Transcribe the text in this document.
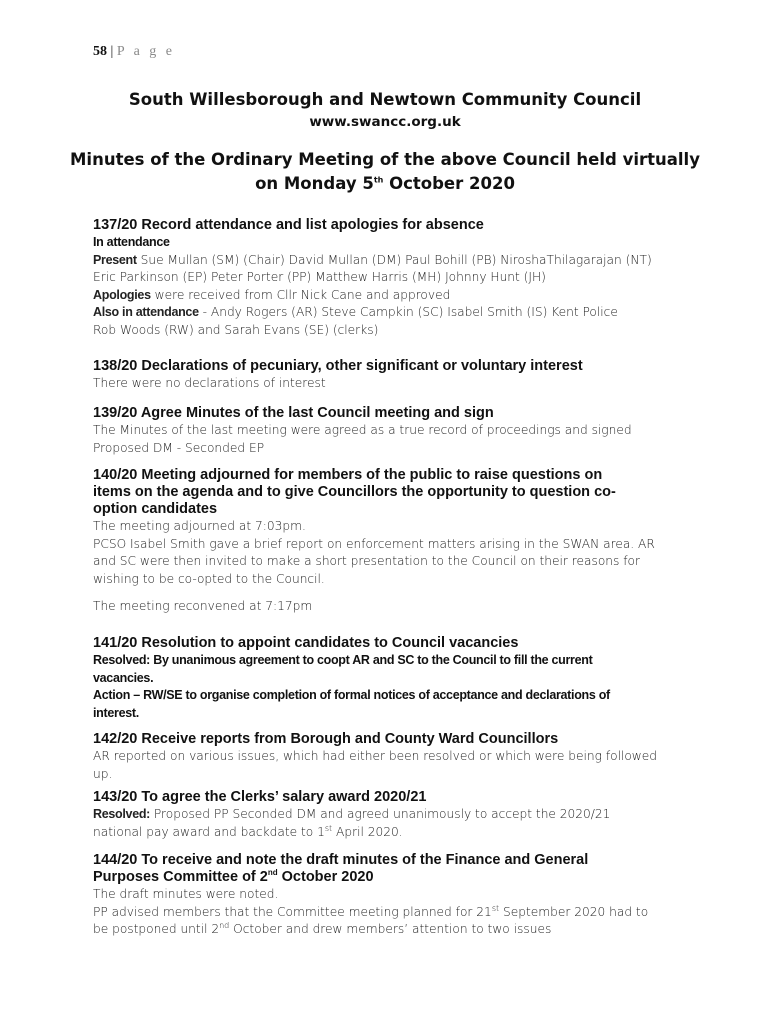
58 | P a g e
South Willesborough and Newtown Community Council
www.swancc.org.uk
Minutes of the Ordinary Meeting of the above Council held virtually
on Monday 5th October 2020

137/20 Record attendance and list apologies for absence

In attendance

Present Sue Mullan (SM) (Chair) David Mullan (DM) Paul Bohill (PB) NiroshaThilagarajan (NT)

Eric Parkinson (EP) Peter Porter (PP) Matthew Harris (MH) Johnny Hunt (JH)

Apologies were received from Cllr Nick Cane and approved

Also in attendance - Andy Rogers (AR) Steve Campkin (SC) Isabel Smith (IS) Kent Police

Rob Woods (RW) and Sarah Evans (SE) (clerks)

138/20 Declarations of pecuniary, other significant or voluntary interest

There were no declarations of interest

139/20 Agree Minutes of the last Council meeting and sign

The Minutes of the last meeting were agreed as a true record of proceedings and signed

Proposed DM - Seconded EP

140/20 Meeting adjourned for members of the public to raise questions on

items on the agenda and to give Councillors the opportunity to question co-

option candidates

The meeting adjourned at 7:03pm.

PCSO Isabel Smith gave a brief report on enforcement matters arising in the SWAN area. AR

and SC were then invited to make a short presentation to the Council on their reasons for

wishing to be co-opted to the Council.

The meeting reconvened at 7:17pm

141/20 Resolution to appoint candidates to Council vacancies

Resolved: By unanimous agreement to coopt AR and SC to the Council to fill the current

vacancies.

Action – RW/SE to organise completion of formal notices of acceptance and declarations of

interest.

142/20 Receive reports from Borough and County Ward Councillors

AR reported on various issues, which had either been resolved or which were being followed

up.

143/20 To agree the Clerks’ salary award 2020/21

Resolved: Proposed PP Seconded DM and agreed unanimously to accept the 2020/21

national pay award and backdate to 1st April 2020.

144/20 To receive and note the draft minutes of the Finance and General

Purposes Committee of 2nd October 2020

The draft minutes were noted.

PP advised members that the Committee meeting planned for 21st September 2020 had to

be postponed until 2nd October and drew members’ attention to two issues
